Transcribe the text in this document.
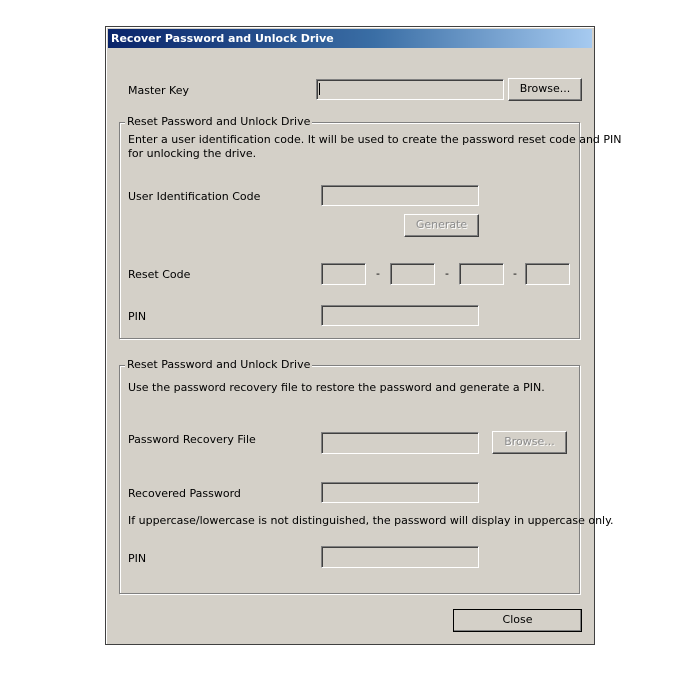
Recover Password and Unlock Drive
Master Key	Browse...
Reset Password and Unlock Drive
Enter a user identification code. It will be used to create the password reset code and PIN
for unlocking the drive.
User Identification Code
Generate
Reset Code	-	-	-
PIN
Reset Password and Unlock Drive
Use the password recovery file to restore the password and generate a PIN.
Password Recovery File	Browse...
Recovered Password
If uppercase/lowercase is not distinguished, the password will display in uppercase only.
PIN
Close
